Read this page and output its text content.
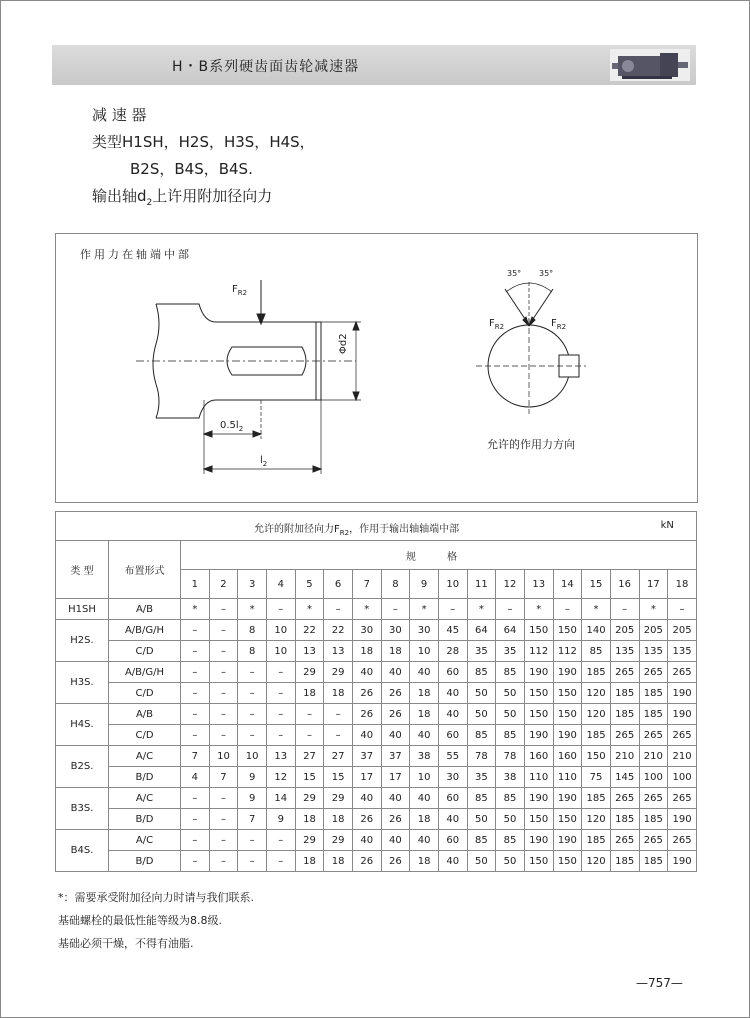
H・B系列硬齿面齿轮减速器
减 速 器
类型H1SH，H2S，H3S，H4S，
B2S，B4S，B4S.
输出轴$d_2$上许用附加径向力
作用力在轴端中部
$F_{R2}$
Φd2
$0.5l_2$
$l_2$
35° 35°
$F_{R2}$	$F_{R2}$
允许的作用力方向
允许的附加径向力$F_{R2}$，作用于输出轴轴端中部 kN																			

类 型	布置形式	规 格																	
		1	2	3	4	5	6	7	8	9	10	11	12	13	14	15	16	17	18
H1SH	A/B	*	–	*	–	*	–	*	–	*	–	*	–	*	–	*	–	*	–
H2S.	A/B/G/H	–	–	8	10	22	22	30	30	30	45	64	64	150	150	140	205	205	205
	C/D	–	–	8	10	13	13	18	18	10	28	35	35	112	112	85	135	135	135
H3S.	A/B/G/H	–	–	–	–	29	29	40	40	40	60	85	85	190	190	185	265	265	265
	C/D	–	–	–	–	18	18	26	26	18	40	50	50	150	150	120	185	185	190
H4S.	A/B	–	–	–	–	–	–	26	26	18	40	50	50	150	150	120	185	185	190
	C/D	–	–	–	–	–	–	40	40	40	60	85	85	190	190	185	265	265	265
B2S.	A/C	7	10	10	13	27	27	37	37	38	55	78	78	160	160	150	210	210	210
	B/D	4	7	9	12	15	15	17	17	10	30	35	38	110	110	75	145	100	100
B3S.	A/C	–	–	9	14	29	29	40	40	40	60	85	85	190	190	185	265	265	265
	B/D	–	–	7	9	18	18	26	26	18	40	50	50	150	150	120	185	185	190
B4S.	A/C	–	–	–	–	29	29	40	40	40	60	85	85	190	190	185	265	265	265
	B/D	–	–	–	–	18	18	26	26	18	40	50	50	150	150	120	185	185	190
*：需要承受附加径向力时请与我们联系.
基础螺栓的最低性能等级为8.8级.
基础必须干燥，不得有油脂.
—757—
